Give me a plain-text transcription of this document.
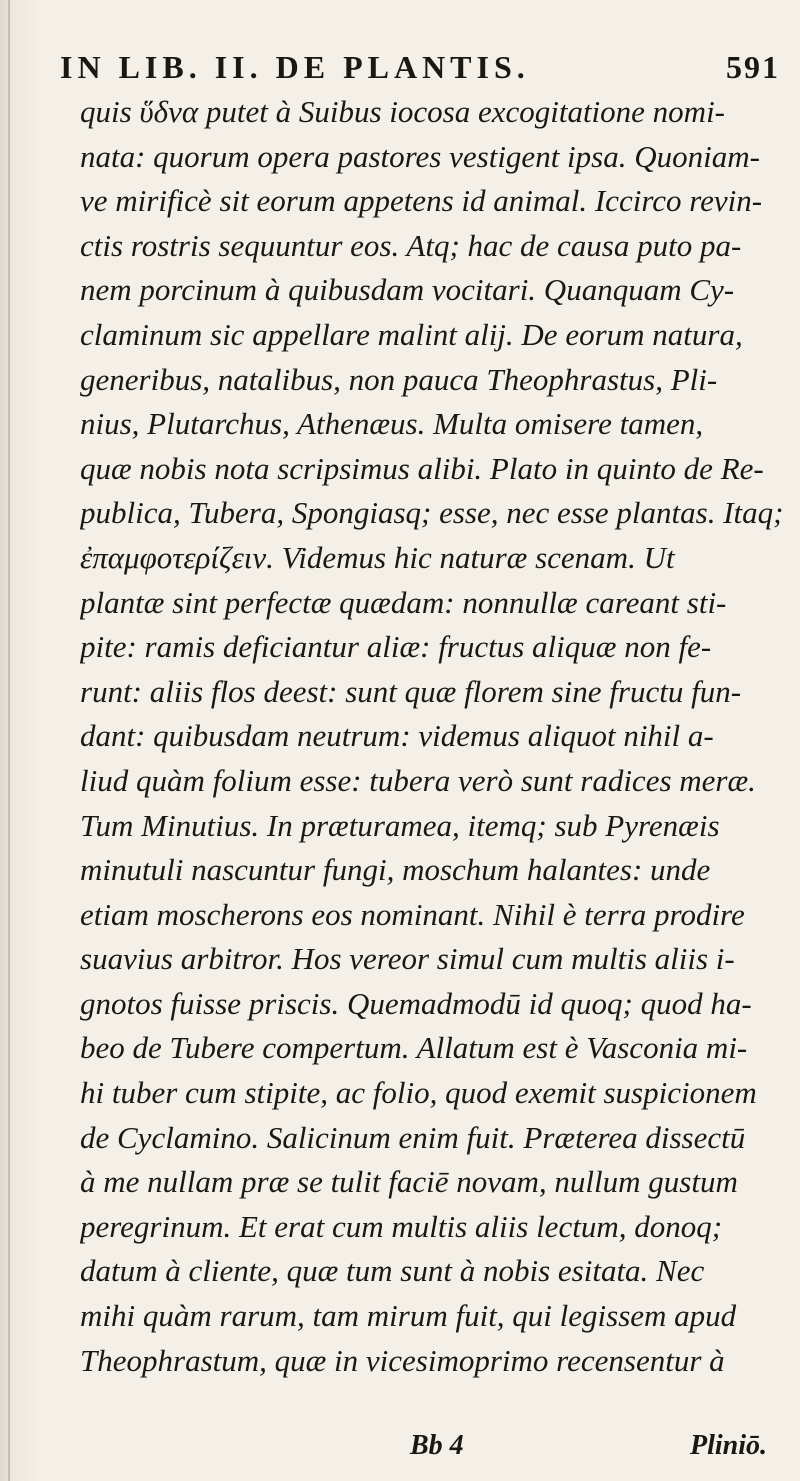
IN LIB. II. DE PLANTIS.	591
quis ὕδνα putet à Suibus iocosa excogitatione nomi-
nata: quorum opera pastores vestigent ipsa. Quoniam-
ve mirificè sit eorum appetens id animal. Iccirco revin-
ctis rostris sequuntur eos. Atq; hac de causa puto pa-
nem porcinum à quibusdam vocitari. Quanquam Cy-
claminum sic appellare malint alij. De eorum natura,
generibus, natalibus, non pauca Theophrastus, Pli-
nius, Plutarchus, Athenæus. Multa omisere tamen,
quæ nobis nota scripsimus alibi. Plato in quinto de Re-
publica, Tubera, Spongiasq; esse, nec esse plantas. Itaq;
ἐπαμφοτερίζειν. Videmus hic naturæ scenam. Ut
plantæ sint perfectæ quædam: nonnullæ careant sti-
pite: ramis deficiantur aliæ: fructus aliquæ non fe-
runt: aliis flos deest: sunt quæ florem sine fructu fun-
dant: quibusdam neutrum: videmus aliquot nihil a-
liud quàm folium esse: tubera verò sunt radices meræ.
Tum Minutius. In præturamea, itemq; sub Pyrenæis
minutuli nascuntur fungi, moschum halantes: unde
etiam moscherons eos nominant. Nihil è terra prodire
suavius arbitror. Hos vereor simul cum multis aliis i-
gnotos fuisse priscis. Quemadmodū id quoq; quod ha-
beo de Tubere compertum. Allatum est è Vasconia mi-
hi tuber cum stipite, ac folio, quod exemit suspicionem
de Cyclamino. Salicinum enim fuit. Præterea dissectū
à me nullam præ se tulit faciē novam, nullum gustum
peregrinum. Et erat cum multis aliis lectum, donoq;
datum à cliente, quæ tum sunt à nobis esitata. Nec
mihi quàm rarum, tam mirum fuit, qui legissem apud
Theophrastum, quæ in vicesimoprimo recensentur à
Bb 4	Pliniō.
